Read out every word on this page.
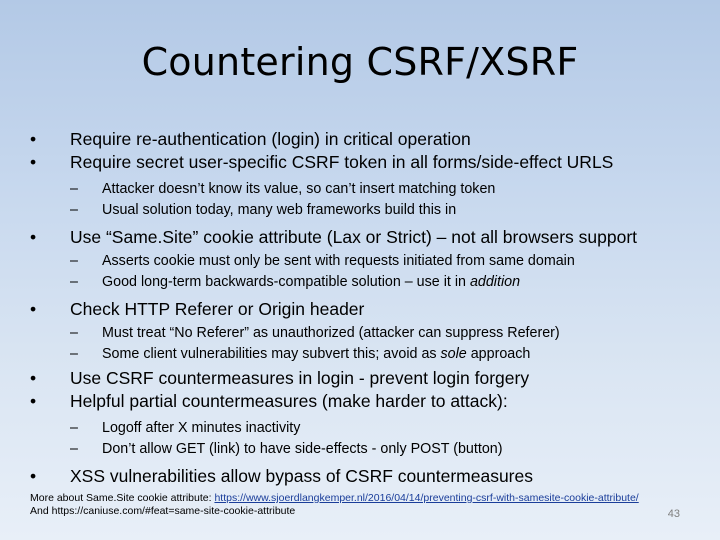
Countering CSRF/XSRF
•	Require re-authentication (login) in critical operation
•	Require secret user-specific CSRF token in all forms/side-effect URLS
–	Attacker doesn’t know its value, so can’t insert matching token
–	Usual solution today, many web frameworks build this in
•	Use “Same.Site” cookie attribute (Lax or Strict) – not all browsers support
–	Asserts cookie must only be sent with requests initiated from same domain
–	Good long-term backwards-compatible solution – use it in addition
•	Check HTTP Referer or Origin header
–	Must treat “No Referer” as unauthorized (attacker can suppress Referer)
–	Some client vulnerabilities may subvert this; avoid as sole approach
•	Use CSRF countermeasures in login - prevent login forgery
•	Helpful partial countermeasures (make harder to attack):
–	Logoff after X minutes inactivity
–	Don’t allow GET (link) to have side-effects - only POST (button)
•	XSS vulnerabilities allow bypass of CSRF countermeasures
More about Same.Site cookie attribute: https://www.sjoerdlangkemper.nl/2016/04/14/preventing-csrf-with-samesite-cookie-attribute/
And https://caniuse.com/#feat=same-site-cookie-attribute	43
